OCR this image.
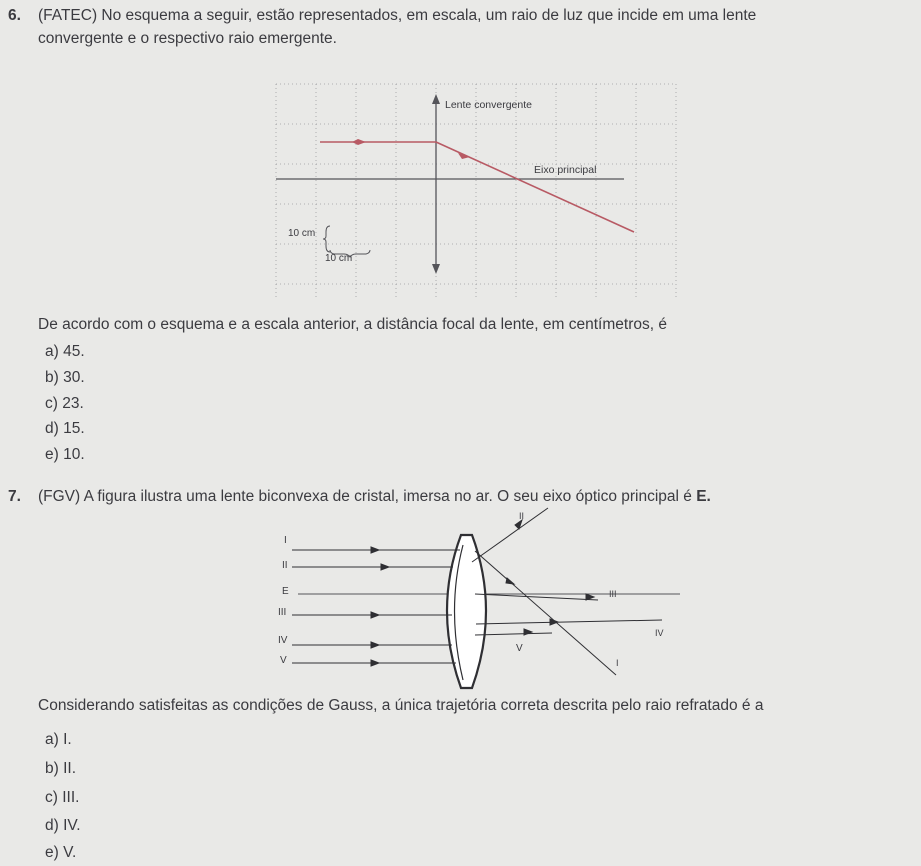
6. (FATEC) No esquema a seguir, estão representados, em escala, um raio de luz que incide em uma lente
convergente e o respectivo raio emergente.
Lente convergente
Eixo principal
10 cm
10 cm
De acordo com o esquema e a escala anterior, a distância focal da lente, em centímetros, é
a) 45.
b) 30.
c) 23.
d) 15.
e) 10.
7. (FGV) A figura ilustra uma lente biconvexa de cristal, imersa no ar. O seu eixo óptico principal é E.
I
II
E
III
IV
V
II
III
IV
V
I
Considerando satisfeitas as condições de Gauss, a única trajetória correta descrita pelo raio refratado é a
a) I.
b) II.
c) III.
d) IV.
e) V.
